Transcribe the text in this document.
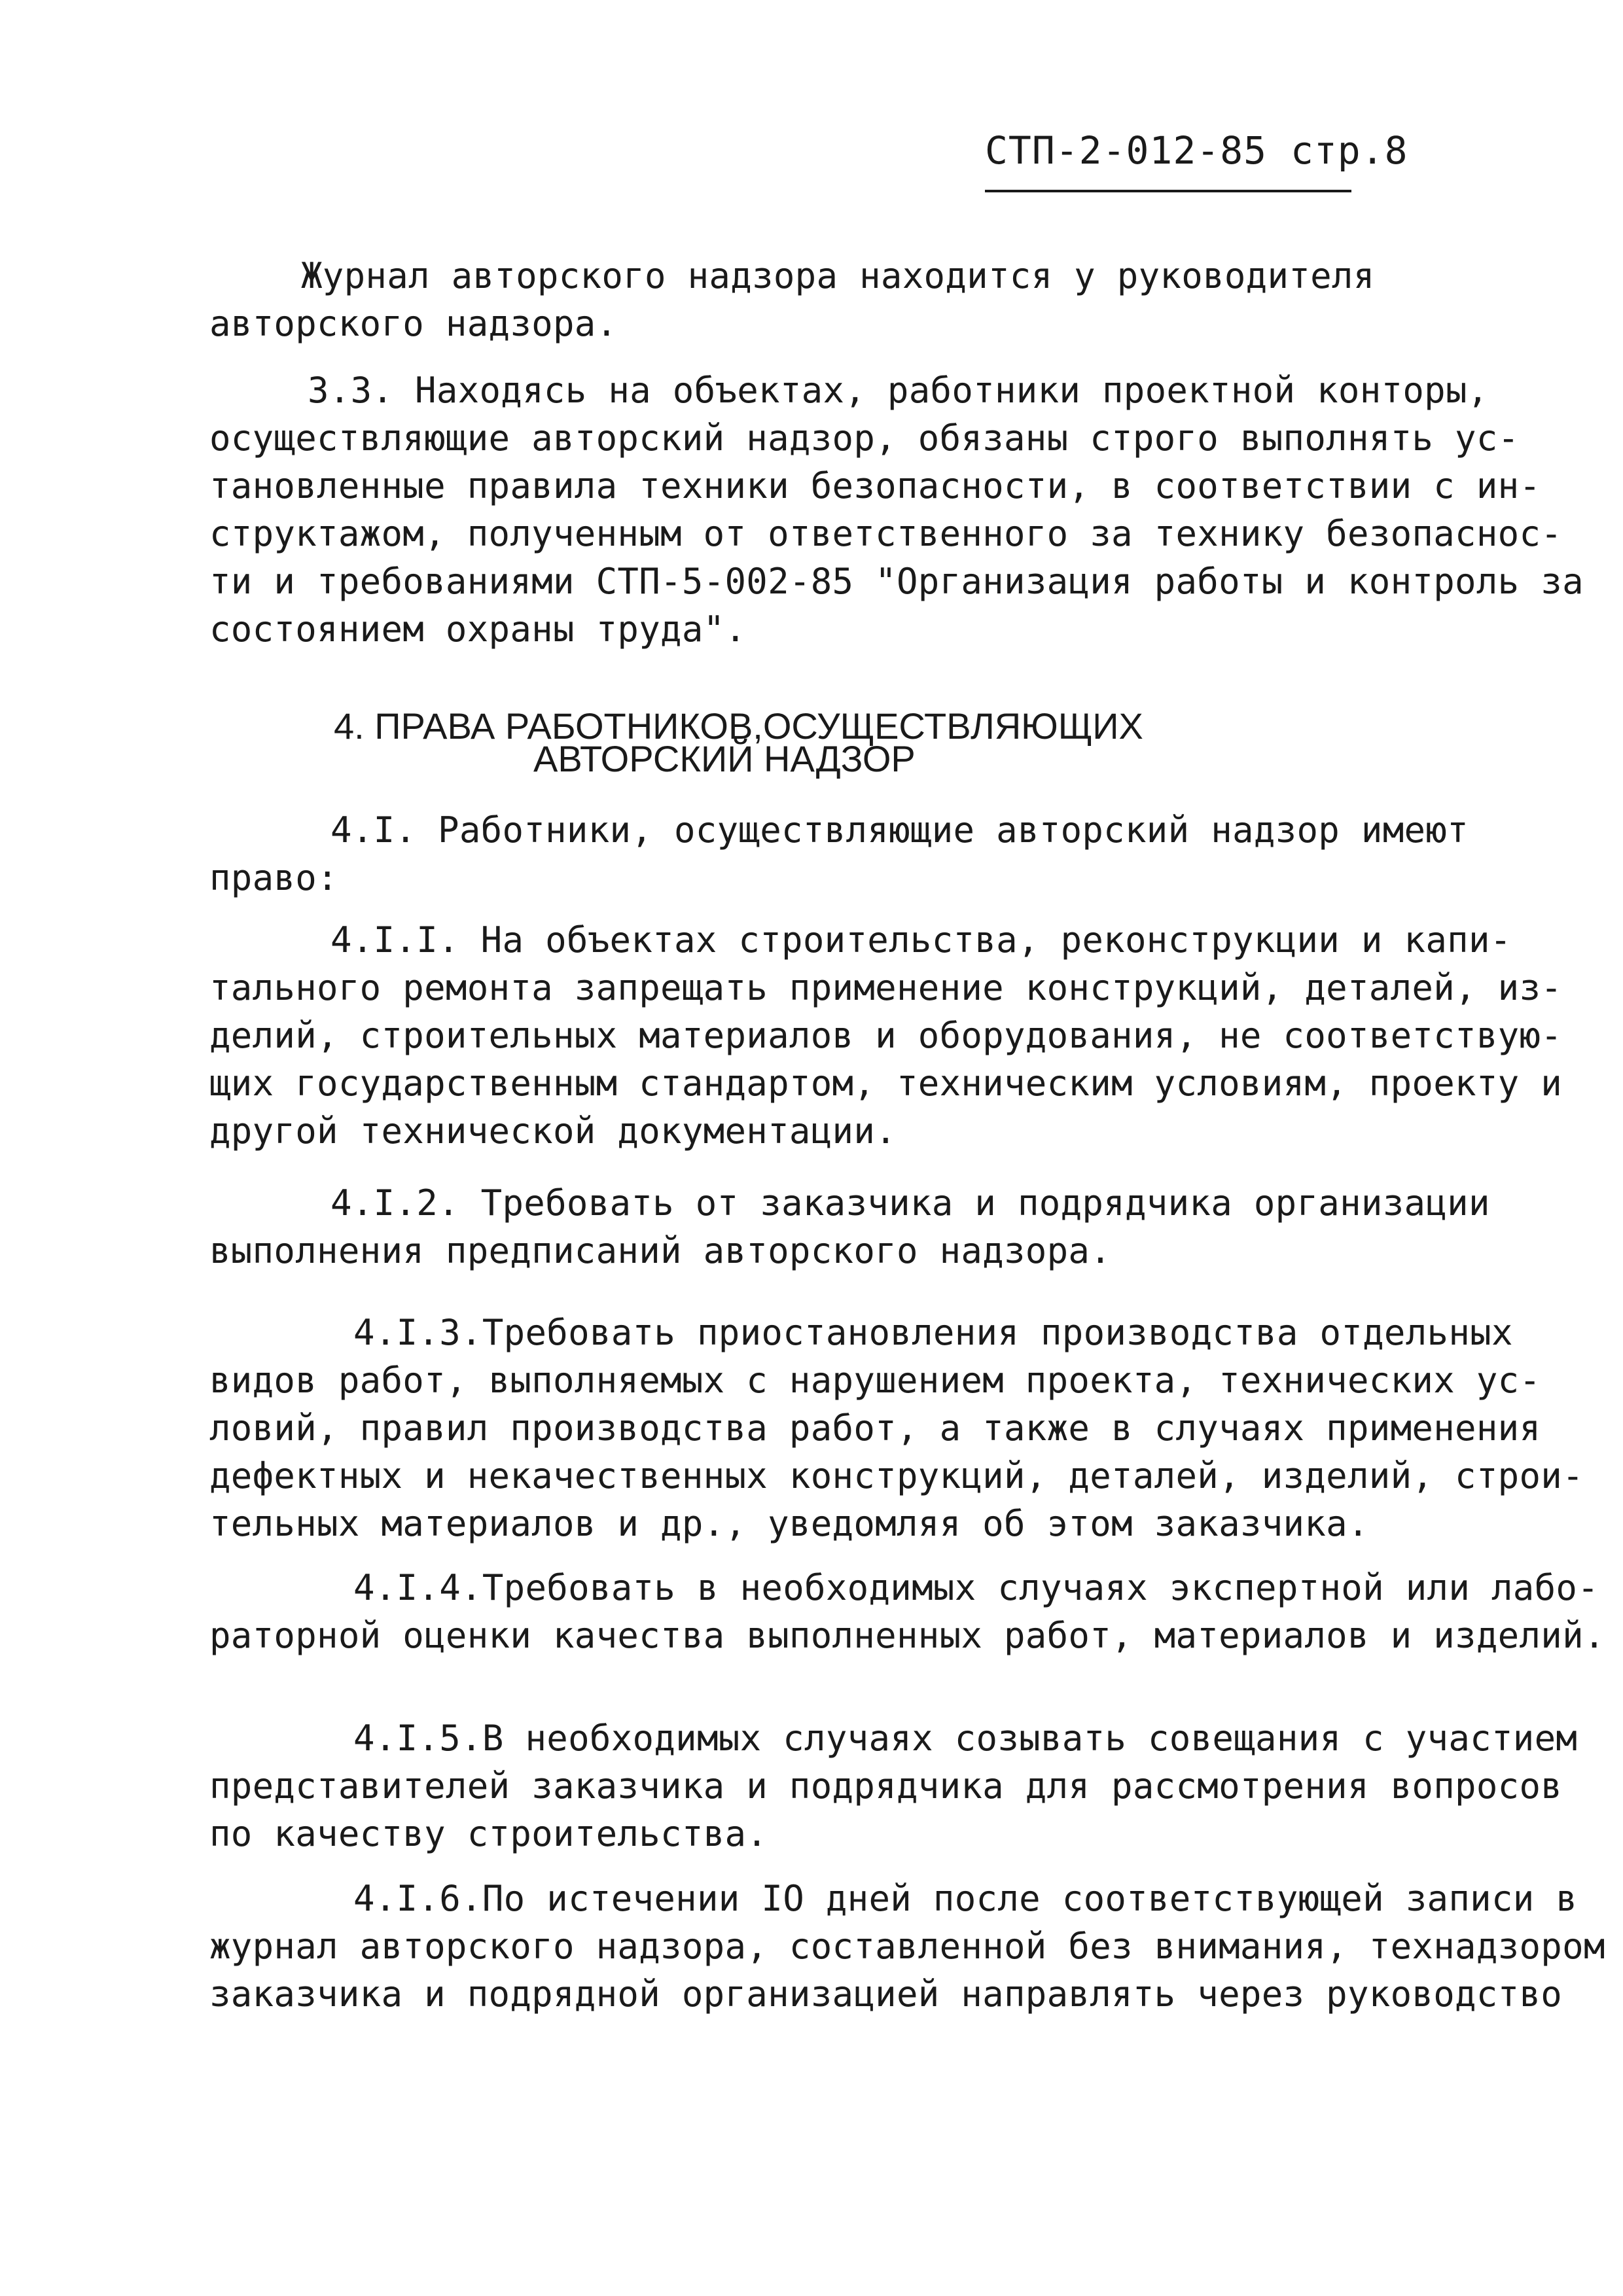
СТП-2-012-85 стр.8
Журнал авторского надзора находится у руководителя
авторского надзора.
3.3. Находясь на объектах, работники проектной конторы,
осуществляющие авторский надзор, обязаны строго выполнять ус-
тановленные правила техники безопасности, в соответствии с ин-
структажом, полученным от ответственного за технику безопаснос-
ти и требованиями СТП-5-002-85 "Организация работы и контроль за
состоянием охраны труда".
4. ПРАВА РАБОТНИКОВ,ОСУЩЕСТВЛЯЮЩИХ
АВТОРСКИЙ НАДЗОР
4.I. Работники, осуществляющие авторский надзор имеют
право:
4.I.I. На объектах строительства, реконструкции и капи-
тального ремонта запрещать применение конструкций, деталей, из-
делий, строительных материалов и оборудования, не соответствую-
щих государственным стандартом, техническим условиям, проекту и
другой технической документации.
4.I.2. Требовать от заказчика и подрядчика организации
выполнения предписаний авторского надзора.
4.I.3.Требовать приостановления производства отдельных
видов работ, выполняемых с нарушением проекта, технических ус-
ловий, правил производства работ, а также в случаях применения
дефектных и некачественных конструкций, деталей, изделий, строи-
тельных материалов и др., уведомляя об этом заказчика.
4.I.4.Требовать в необходимых случаях экспертной или лабо-
раторной оценки качества выполненных работ, материалов и изделий.
4.I.5.В необходимых случаях созывать совещания с участием
представителей заказчика и подрядчика для рассмотрения вопросов
по качеству строительства.
4.I.6.По истечении IO дней после соответствующей записи в
журнал авторского надзора, составленной без внимания, технадзором
заказчика и подрядной организацией направлять через руководство
